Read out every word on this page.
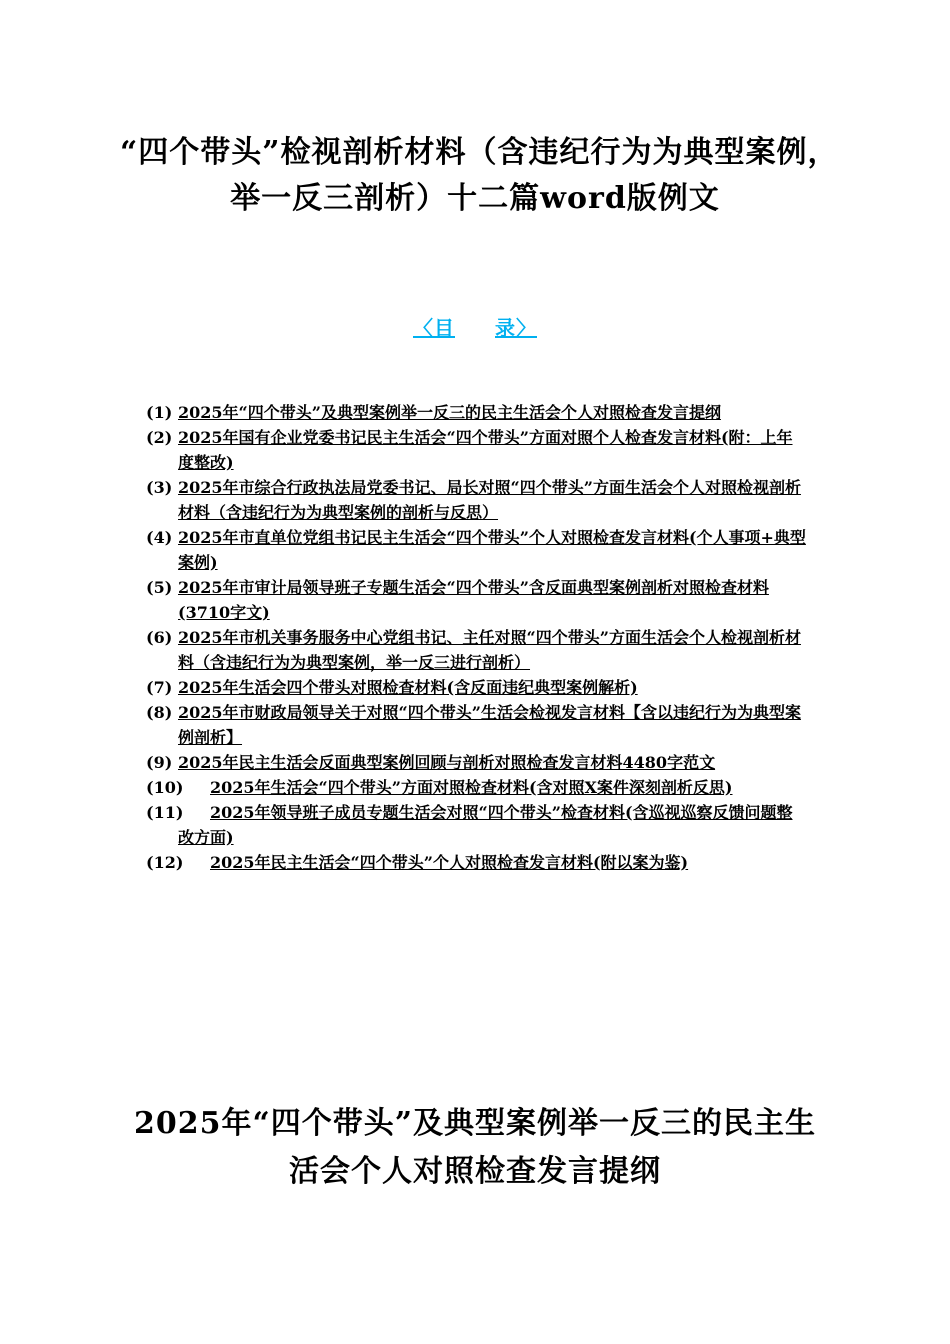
“四个带头”检视剖析材料（含违纪行为为典型案例，
举一反三剖析）十二篇word版例文
〈目 录〉
(1) 2025年“四个带头”及典型案例举一反三的民主生活会个人对照检查发言提纲
(2) 2025年国有企业党委书记民主生活会“四个带头”方面对照个人检查发言材料(附：上年度整改)
(3) 2025年市综合行政执法局党委书记、局长对照“四个带头”方面生活会个人对照检视剖析材料（含违纪行为为典型案例的剖析与反思）
(4) 2025年市直单位党组书记民主生活会“四个带头”个人对照检查发言材料(个人事项+典型案例)
(5) 2025年市审计局领导班子专题生活会“四个带头”含反面典型案例剖析对照检查材料(3710字文)
(6) 2025年市机关事务服务中心党组书记、主任对照“四个带头”方面生活会个人检视剖析材料（含违纪行为为典型案例，举一反三进行剖析）
(7) 2025年生活会四个带头对照检查材料(含反面违纪典型案例解析)
(8) 2025年市财政局领导关于对照“四个带头”生活会检视发言材料【含以违纪行为为典型案例剖析】
(9) 2025年民主生活会反面典型案例回顾与剖析对照检查发言材料4480字范文
(10) 2025年生活会“四个带头”方面对照检查材料(含对照X案件深刻剖析反思)
(11) 2025年领导班子成员专题生活会对照“四个带头”检查材料(含巡视巡察反馈问题整改方面)
(12) 2025年民主生活会“四个带头”个人对照检查发言材料(附以案为鉴)
2025年“四个带头”及典型案例举一反三的民主生
活会个人对照检查发言提纲
